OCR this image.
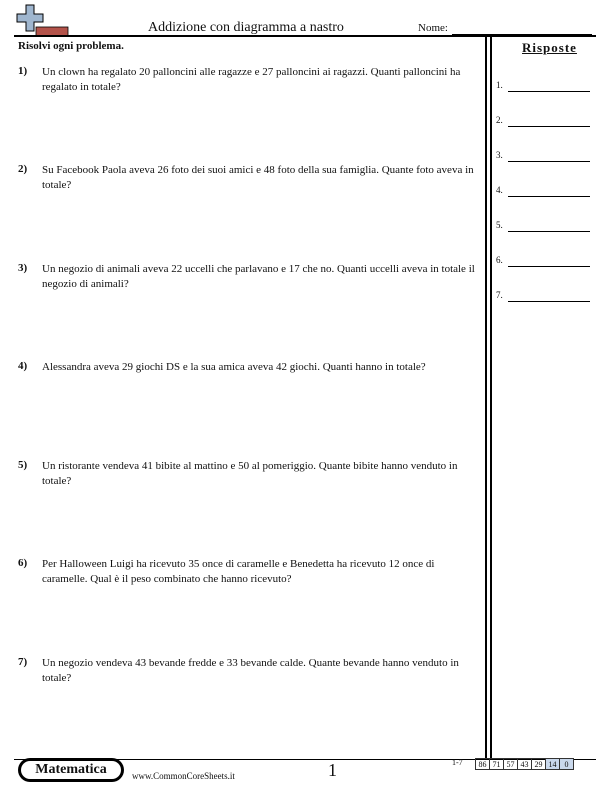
Addizione con diagramma a nastro	Nome:
Risolvi ogni problema.	Risposte
1)	Un clown ha regalato 20 palloncini alle ragazze e 27 palloncini ai ragazzi. Quanti palloncini ha regalato in totale?
2)	Su Facebook Paola aveva 26 foto dei suoi amici e 48 foto della sua famiglia. Quante foto aveva in totale?
3)	Un negozio di animali aveva 22 uccelli che parlavano e 17 che no. Quanti uccelli aveva in totale il negozio di animali?
4)	Alessandra aveva 29 giochi DS e la sua amica aveva 42 giochi. Quanti hanno in totale?
5)	Un ristorante vendeva 41 bibite al mattino e 50 al pomeriggio. Quante bibite hanno venduto in totale?
6)	Per Halloween Luigi ha ricevuto 35 once di caramelle e Benedetta ha ricevuto 12 once di caramelle. Qual è il peso combinato che hanno ricevuto?
7)	Un negozio vendeva 43 bevande fredde e 33 bevande calde. Quante bevande hanno venduto in totale?
1.
2.
3.
4.
5.
6.
7.
Matematica	www.CommonCoreSheets.it	1	1-7 86	71	57	43	29	14	0
